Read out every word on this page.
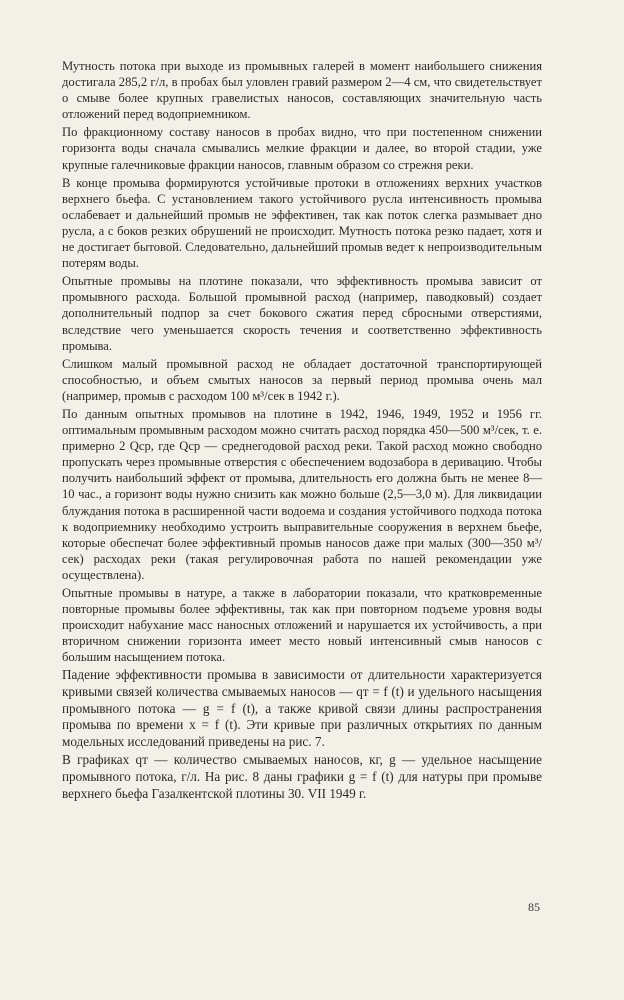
Мутность потока при выходе из промывных галерей в момент наибольшего снижения достигала 285,2 г/л, в пробах был уловлен гравий размером 2—4 см, что свидетельствует о смыве более крупных гравелистых наносов, составляющих значительную часть отложений перед водоприемником.

По фракционному составу наносов в пробах видно, что при постепенном снижении горизонта воды сначала смывались мелкие фракции и далее, во второй стадии, уже крупные галечниковые фракции наносов, главным образом со стрежня реки.

В конце промыва формируются устойчивые протоки в отложениях верхних участков верхнего бьефа. С установлением такого устойчивого русла интенсивность промыва ослабевает и дальнейший промыв не эффективен, так как поток слегка размывает дно русла, а с боков резких обрушений не происходит. Мутность потока резко падает, хотя и не достигает бытовой. Следовательно, дальнейший промыв ведет к непроизводительным потерям воды.

Опытные промывы на плотине показали, что эффективность промыва зависит от промывного расхода. Большой промывной расход (например, паводковый) создает дополнительный подпор за счет бокового сжатия перед сбросными отверстиями, вследствие чего уменьшается скорость течения и соответственно эффективность промыва.

Слишком малый промывной расход не обладает достаточной транспортирующей способностью, и объем смытых наносов за первый период промыва очень мал (например, промыв с расходом 100 м³/сек в 1942 г.).

По данным опытных промывов на плотине в 1942, 1946, 1949, 1952 и 1956 гг. оптимальным промывным расходом можно считать расход порядка 450—500 м³/сек, т. е. примерно 2 Qср, где Qср — среднегодовой расход реки. Такой расход можно свободно пропускать через промывные отверстия с обеспечением водозабора в деривацию. Чтобы получить наибольший эффект от промыва, длительность его должна быть не менее 8—10 час., а горизонт воды нужно снизить как можно больше (2,5—3,0 м). Для ликвидации блуждания потока в расширенной части водоема и создания устойчивого подхода потока к водоприемнику необходимо устроить выправительные сооружения в верхнем бьефе, которые обеспечат более эффективный промыв наносов даже при малых (300—350 м³/сек) расходах реки (такая регулировочная работа по нашей рекомендации уже осуществлена).

Опытные промывы в натуре, а также в лаборатории показали, что кратковременные повторные промывы более эффективны, так как при повторном подъеме уровня воды происходит набухание масс наносных отложений и нарушается их устойчивость, а при вторичном снижении горизонта имеет место новый интенсивный смыв наносов с большим насыщением потока.

Падение эффективности промыва в зависимости от длительности характеризуется кривыми связей количества смываемых наносов — qт = f (t) и удельного насыщения промывного потока — g = f (t), а также кривой связи длины распространения промыва по времени x = f (t). Эти кривые при различных открытиях по данным модельных исследований приведены на рис. 7.

В графиках qт — количество смываемых наносов, кг, g — удельное насыщение промывного потока, г/л. На рис. 8 даны графики g = f (t) для натуры при промыве верхнего бьефа Газалкентской плотины 30. VII 1949 г.

85
